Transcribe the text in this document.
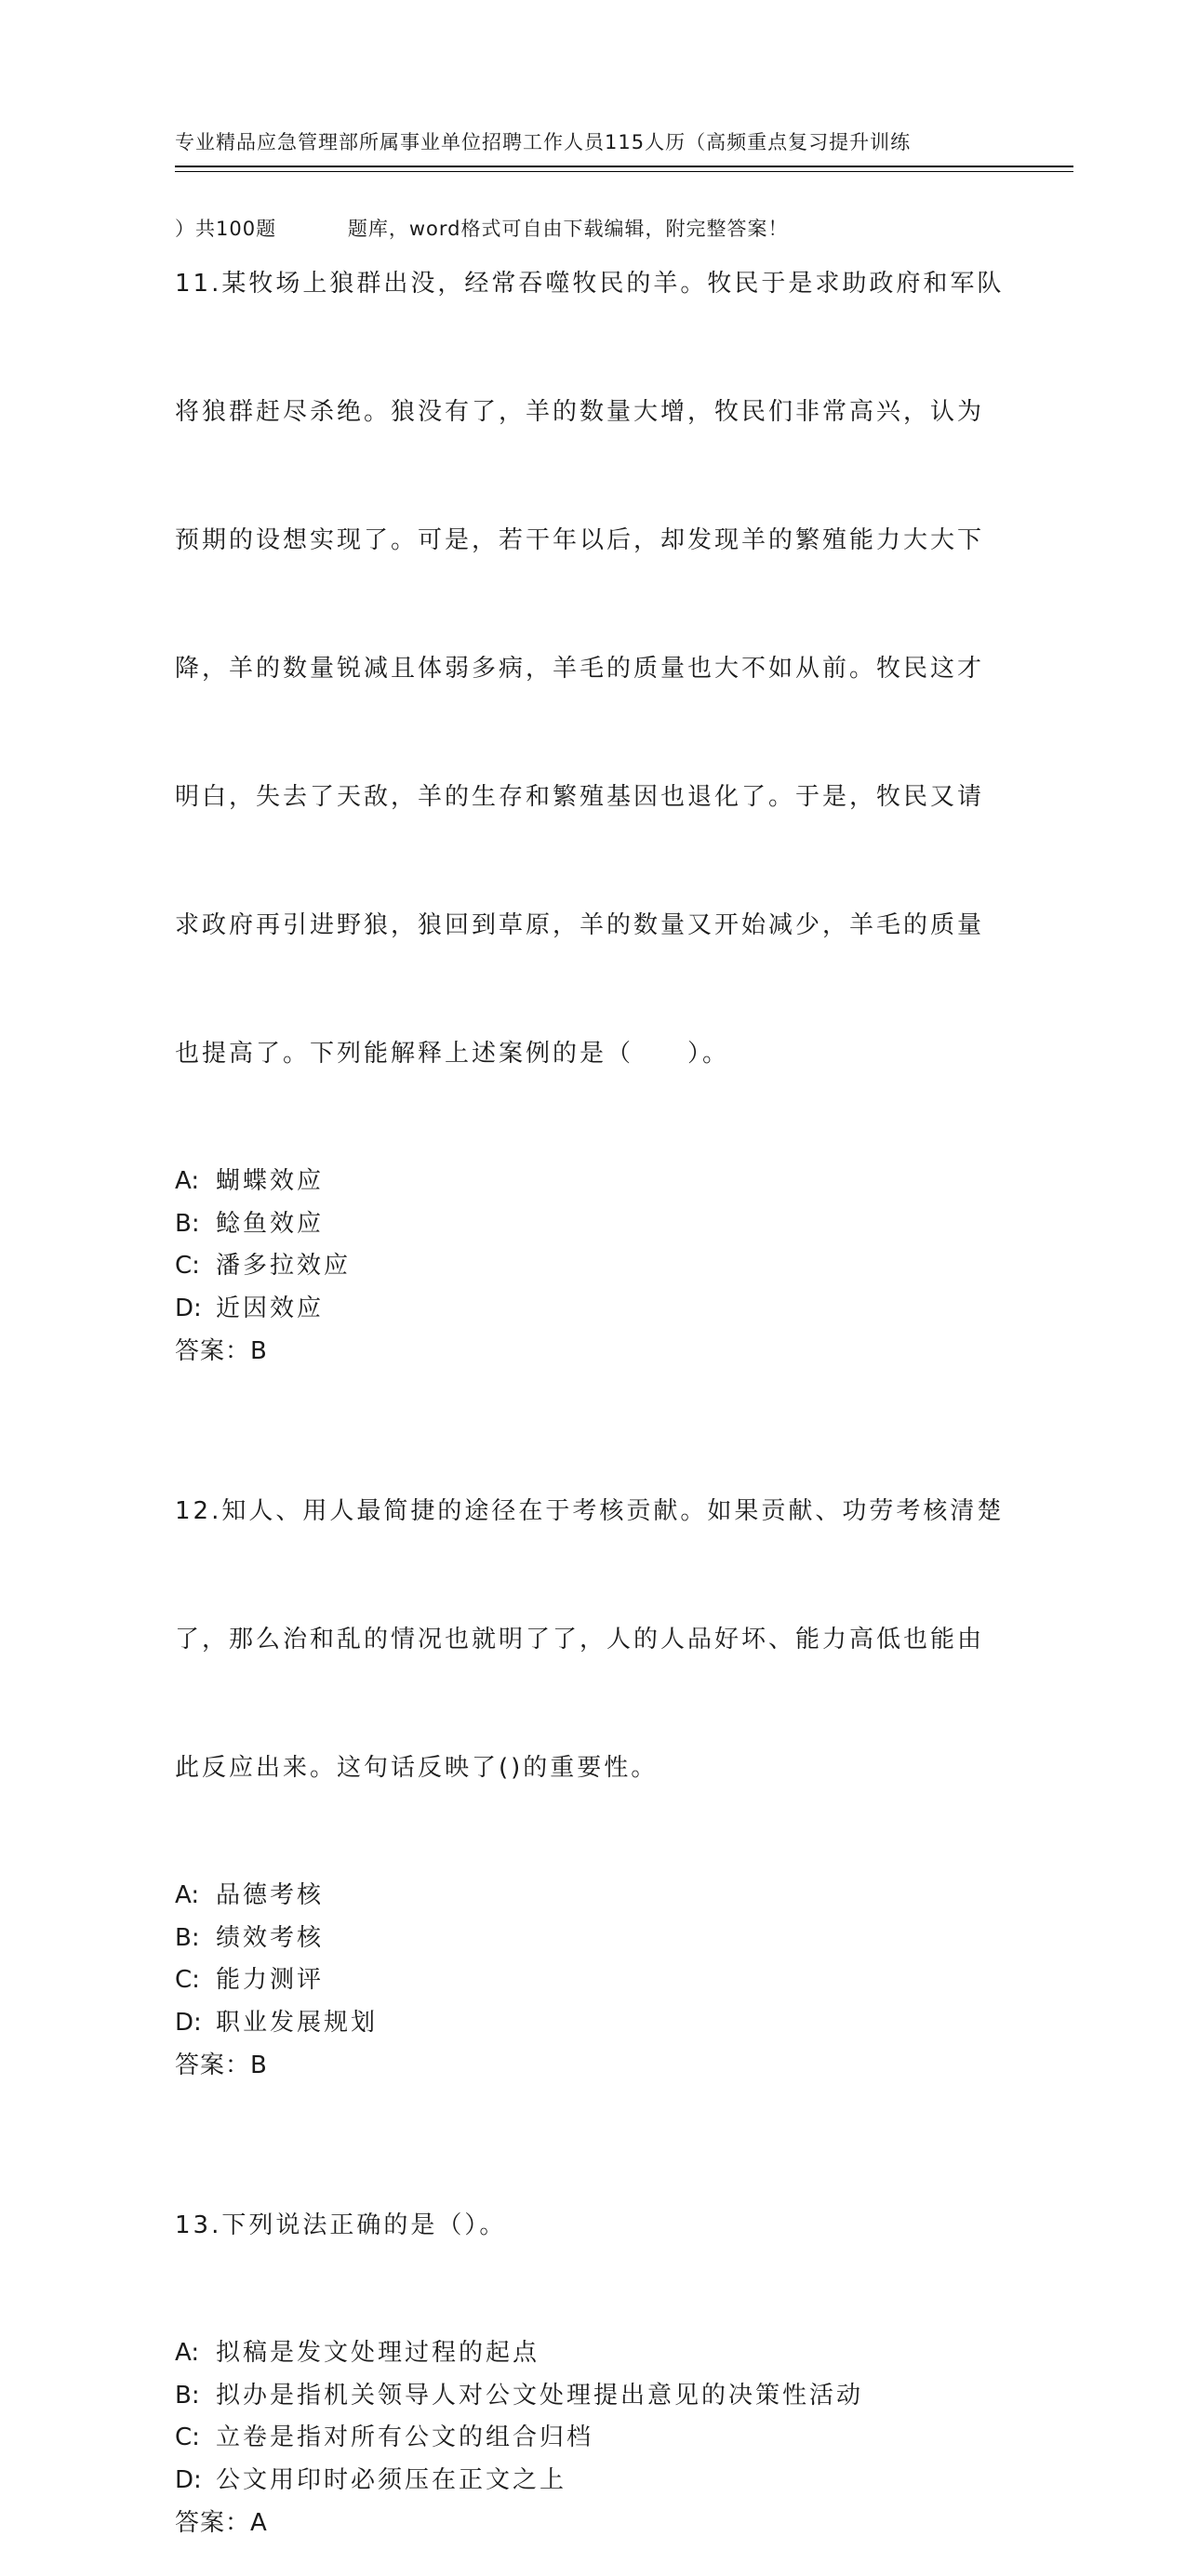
专业精品应急管理部所属事业单位招聘工作人员115人历（高频重点复习提升训练

）共100题          题库，word格式可自由下载编辑，附完整答案！

11.某牧场上狼群出没，经常吞噬牧民的羊。牧民于是求助政府和军队

将狼群赶尽杀绝。狼没有了，羊的数量大增，牧民们非常高兴，认为

预期的设想实现了。可是，若干年以后，却发现羊的繁殖能力大大下

降，羊的数量锐减且体弱多病，羊毛的质量也大不如从前。牧民这才

明白，失去了天敌，羊的生存和繁殖基因也退化了。于是，牧民又请

求政府再引进野狼，狼回到草原，羊的数量又开始减少，羊毛的质量

也提高了。下列能解释上述案例的是（　　）。

A: 蝴蝶效应
B: 鲶鱼效应
C: 潘多拉效应
D: 近因效应
答案：B

12.知人、用人最简捷的途径在于考核贡献。如果贡献、功劳考核清楚

了，那么治和乱的情况也就明了了，人的人品好坏、能力高低也能由

此反应出来。这句话反映了()的重要性。

A: 品德考核
B: 绩效考核
C: 能力测评
D: 职业发展规划
答案：B

13.下列说法正确的是（）。

A: 拟稿是发文处理过程的起点
B: 拟办是指机关领导人对公文处理提出意见的决策性活动
C: 立卷是指对所有公文的组合归档
D: 公文用印时必须压在正文之上
答案：A
